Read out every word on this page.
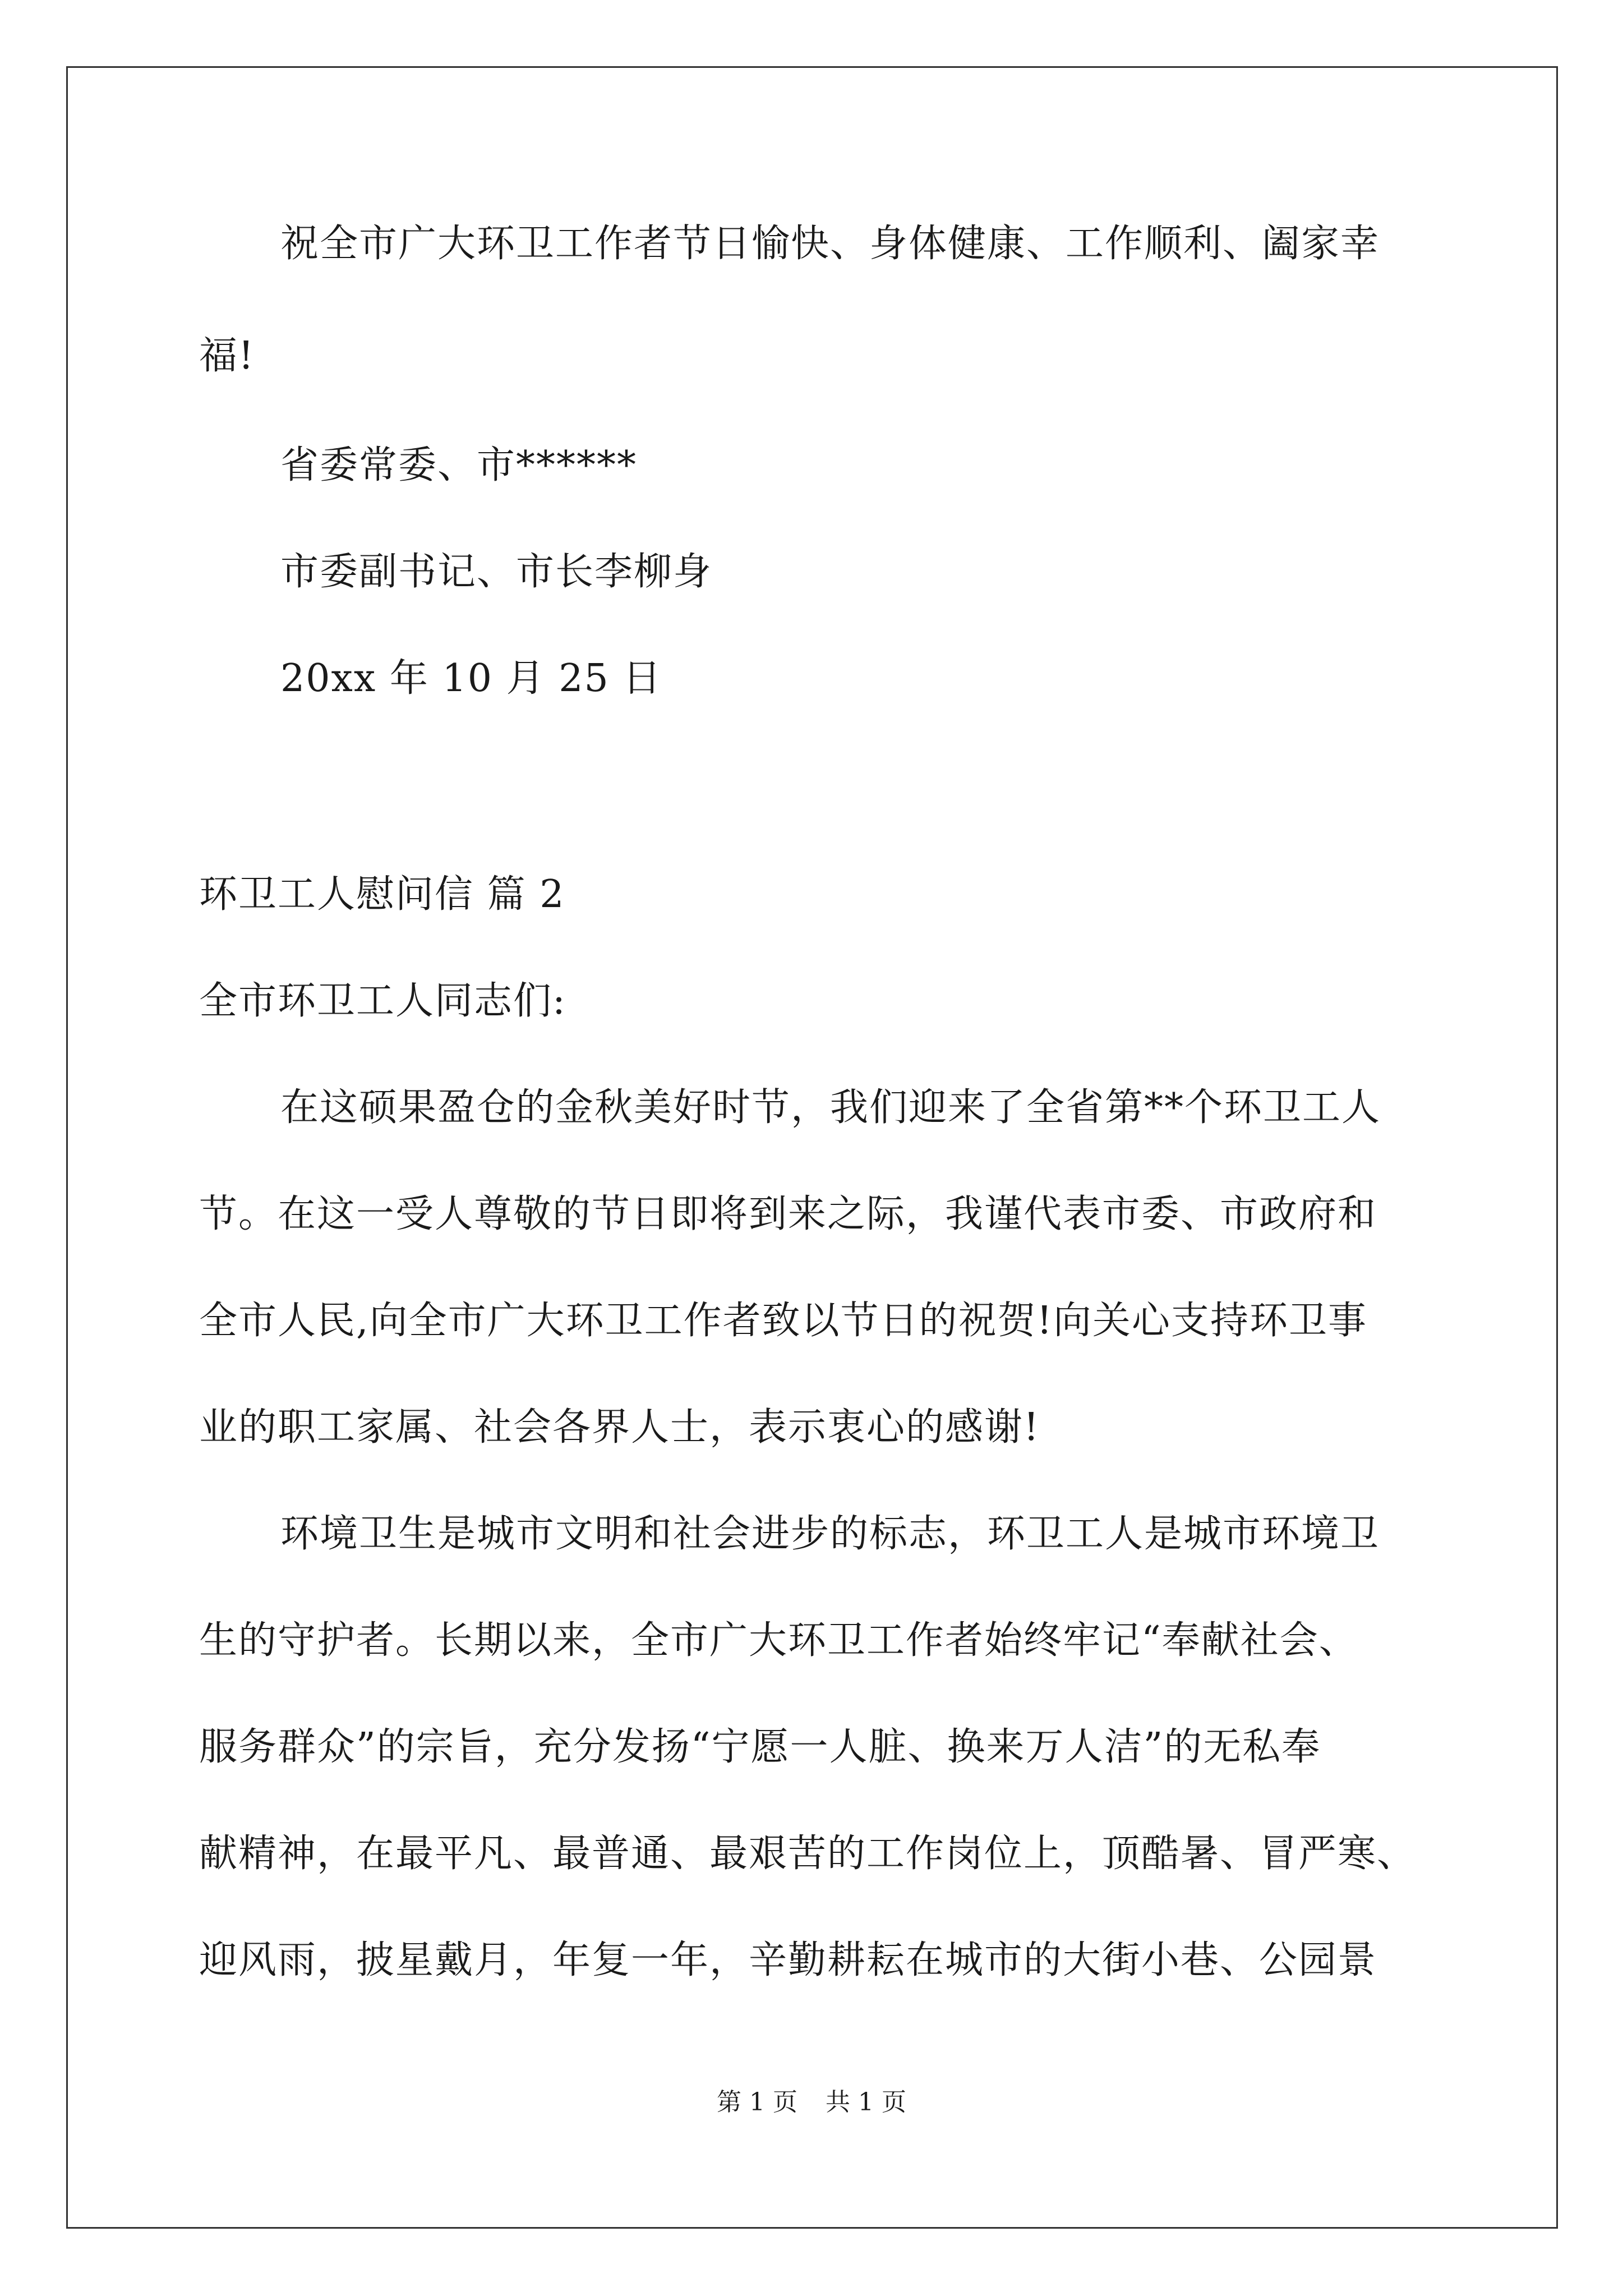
祝全市广大环卫工作者节日愉快、身体健康、工作顺利、阖家幸
福!
省委常委、市******
市委副书记、市长李柳身
20xx 年 10 月 25 日
环卫工人慰问信 篇 2
全市环卫工人同志们:
在这硕果盈仓的金秋美好时节，我们迎来了全省第**个环卫工人
节。在这一受人尊敬的节日即将到来之际，我谨代表市委、市政府和
全市人民,向全市广大环卫工作者致以节日的祝贺!向关心支持环卫事
业的职工家属、社会各界人士，表示衷心的感谢!
环境卫生是城市文明和社会进步的标志，环卫工人是城市环境卫
生的守护者。长期以来，全市广大环卫工作者始终牢记“奉献社会、
服务群众”的宗旨，充分发扬“宁愿一人脏、换来万人洁”的无私奉
献精神，在最平凡、最普通、最艰苦的工作岗位上，顶酷暑、冒严寒、
迎风雨，披星戴月，年复一年，辛勤耕耘在城市的大街小巷、公园景
第 1 页 共 1 页
